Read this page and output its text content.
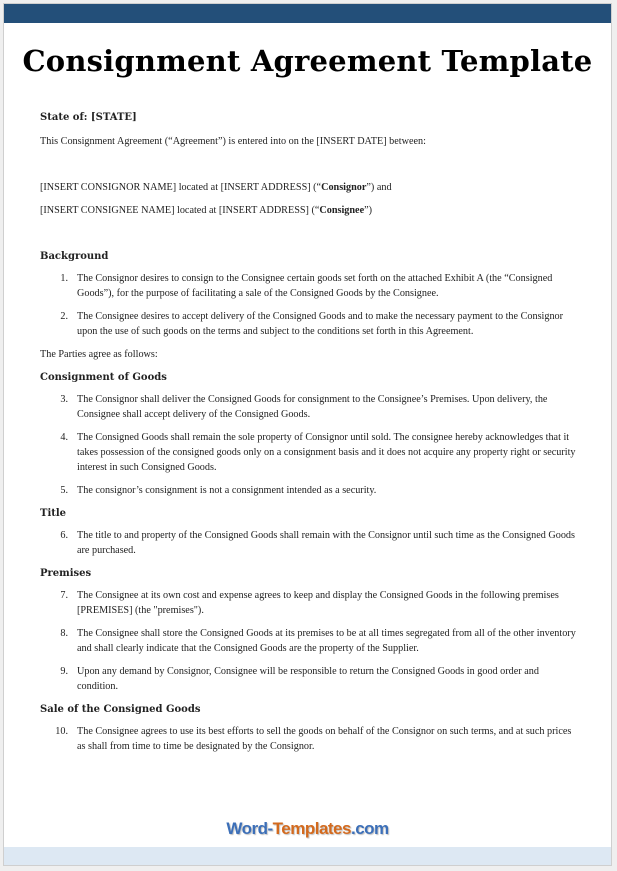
Consignment Agreement Template

State of: [STATE]

This Consignment Agreement (“Agreement”) is entered into on the [INSERT DATE] between:

[INSERT CONSIGNOR NAME] located at [INSERT ADDRESS] (“Consignor”) and

[INSERT CONSIGNEE NAME] located at [INSERT ADDRESS] (“Consignee”)

Background

1. The Consignor desires to consign to the Consignee certain goods set forth on the attached Exhibit A (the “Consigned Goods”), for the purpose of facilitating a sale of the Consigned Goods by the Consignee.
2. The Consignee desires to accept delivery of the Consigned Goods and to make the necessary payment to the Consignor upon the use of such goods on the terms and subject to the conditions set forth in this Agreement.

The Parties agree as follows:

Consignment of Goods

3. The Consignor shall deliver the Consigned Goods for consignment to the Consignee’s Premises. Upon delivery, the Consignee shall accept delivery of the Consigned Goods.
4. The Consigned Goods shall remain the sole property of Consignor until sold. The consignee hereby acknowledges that it takes possession of the consigned goods only on a consignment basis and it does not acquire any property right or security interest in such Consigned Goods.
5. The consignor’s consignment is not a consignment intended as a security.

Title

6. The title to and property of the Consigned Goods shall remain with the Consignor until such time as the Consigned Goods are purchased.

Premises

7. The Consignee at its own cost and expense agrees to keep and display the Consigned Goods in the following premises [PREMISES] (the "premises").
8. The Consignee shall store the Consigned Goods at its premises to be at all times segregated from all of the other inventory and shall clearly indicate that the Consigned Goods are the property of the Supplier.
9. Upon any demand by Consignor, Consignee will be responsible to return the Consigned Goods in good order and condition.

Sale of the Consigned Goods

10. The Consignee agrees to use its best efforts to sell the goods on behalf of the Consignor on such terms, and at such prices as shall from time to time be designated by the Consignor.
Word-Templates.com
